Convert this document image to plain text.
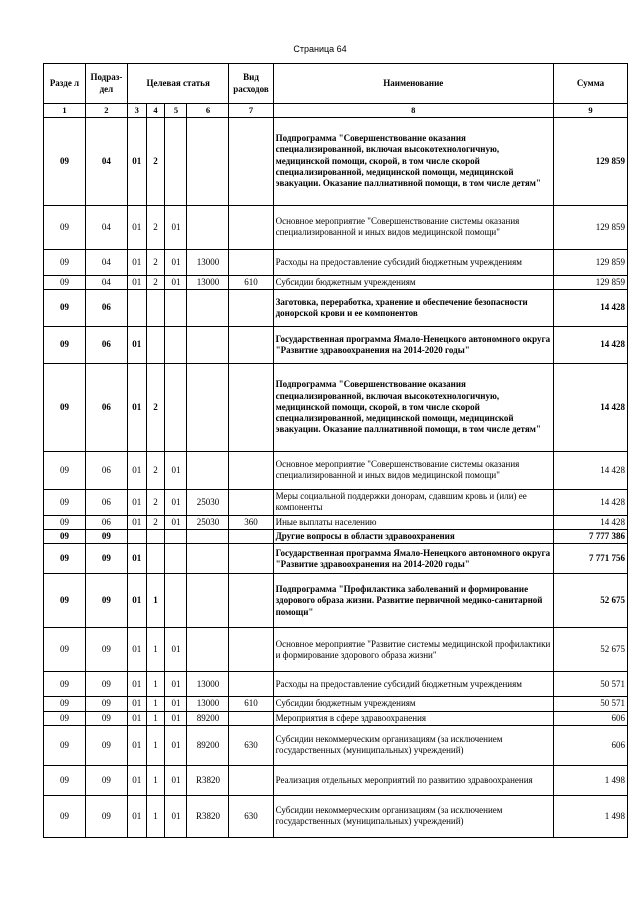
Страница 64
Разде л	Подраз- дел	Целевая статья				Вид расходов	Наименование	Сумма
1	2	3	4	5	6	7	8	9
09	04	01	2				Подпрограмма "Совершенствование оказания специализированной, включая высокотехнологичную, медицинской помощи, скорой, в том числе скорой специализированной, медицинской помощи, медицинской эвакуации. Оказание паллиативной помощи, в том числе детям"	129 859
09	04	01	2	01			Основное мероприятие "Совершенствование системы оказания специализированной и иных видов медицинской помощи"	129 859
09	04	01	2	01	13000		Расходы на предоставление субсидий бюджетным учреждениям	129 859
09	04	01	2	01	13000	610	Субсидии бюджетным учреждениям	129 859
09	06						Заготовка, переработка, хранение и обеспечение безопасности донорской крови и ее компонентов	14 428
09	06	01					Государственная программа Ямало-Ненецкого автономного округа "Развитие здравоохранения на 2014-2020 годы"	14 428
09	06	01	2				Подпрограмма "Совершенствование оказания специализированной, включая высокотехнологичную, медицинской помощи, скорой, в том числе скорой специализированной, медицинской помощи, медицинской эвакуации. Оказание паллиативной помощи, в том числе детям"	14 428
09	06	01	2	01			Основное мероприятие "Совершенствование системы оказания специализированной и иных видов медицинской помощи"	14 428
09	06	01	2	01	25030		Меры социальной поддержки донорам, сдавшим кровь и (или) ее компоненты	14 428
09	06	01	2	01	25030	360	Иные выплаты населению	14 428
09	09						Другие вопросы в области здравоохранения	7 777 386
09	09	01					Государственная программа Ямало-Ненецкого автономного округа "Развитие здравоохранения на 2014-2020 годы"	7 771 756
09	09	01	1				Подпрограмма "Профилактика заболеваний и формирование здорового образа жизни. Развитие первичной медико-санитарной помощи"	52 675
09	09	01	1	01			Основное мероприятие "Развитие системы медицинской профилактики и формирование здорового образа жизни"	52 675
09	09	01	1	01	13000		Расходы на предоставление субсидий бюджетным учреждениям	50 571
09	09	01	1	01	13000	610	Субсидии бюджетным учреждениям	50 571
09	09	01	1	01	89200		Мероприятия в сфере здравоохранения	606
09	09	01	1	01	89200	630	Субсидии некоммерческим организациям (за исключением государственных (муниципальных) учреждений)	606
09	09	01	1	01	R3820		Реализация отдельных мероприятий по развитию здравоохранения	1 498
09	09	01	1	01	R3820	630	Субсидии некоммерческим организациям (за исключением государственных (муниципальных) учреждений)	1 498
